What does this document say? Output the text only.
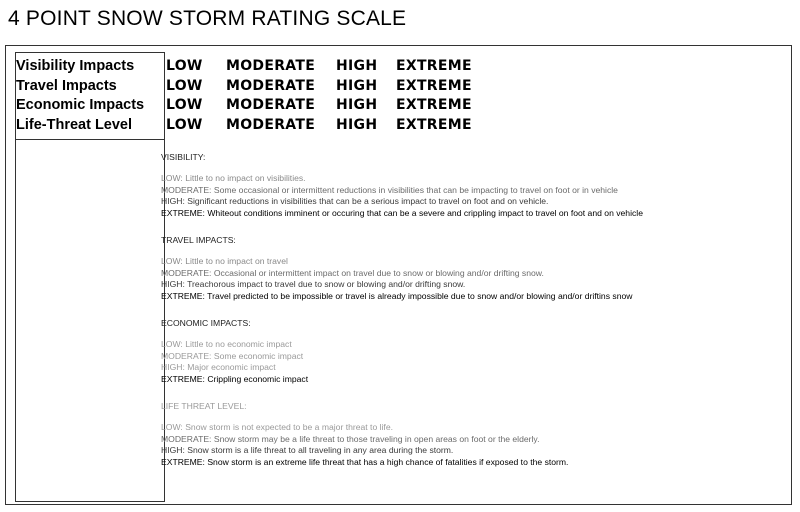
4 POINT SNOW STORM RATING SCALE
Visibility Impacts
Travel Impacts
Economic Impacts
Life-Threat Level
LOW MODERATE HIGH EXTREME
LOW MODERATE HIGH EXTREME
LOW MODERATE HIGH EXTREME
LOW MODERATE HIGH EXTREME
VISIBILITY:
LOW: Little to no impact on visibilities.
MODERATE: Some occasional or intermittent reductions in visibilities that can be impacting to travel on foot or in vehicle
HIGH: Significant reductions in visibilities that can be a serious impact to travel on foot and on vehicle.
EXTREME: Whiteout conditions imminent or occuring that can be a severe and crippling impact to travel on foot and on vehicle
TRAVEL IMPACTS:
LOW: Little to no impact on travel
MODERATE: Occasional or intermittent impact on travel due to snow or blowing and/or drifting snow.
HIGH: Treachorous impact to travel due to snow or blowing and/or drifting snow.
EXTREME: Travel predicted to be impossible or travel is already impossible due to snow and/or blowing and/or driftins snow
ECONOMIC IMPACTS:
LOW: Little to no economic impact
MODERATE: Some economic impact
HIGH: Major economic impact
EXTREME: Crippling economic impact
LIFE THREAT LEVEL:
LOW: Snow storm is not expected to be a major threat to life.
MODERATE: Snow storm may be a life threat to those traveling in open areas on foot or the elderly.
HIGH: Snow storm is a life threat to all traveling in any area during the storm.
EXTREME: Snow storm is an extreme life threat that has a high chance of fatalities if exposed to the storm.
